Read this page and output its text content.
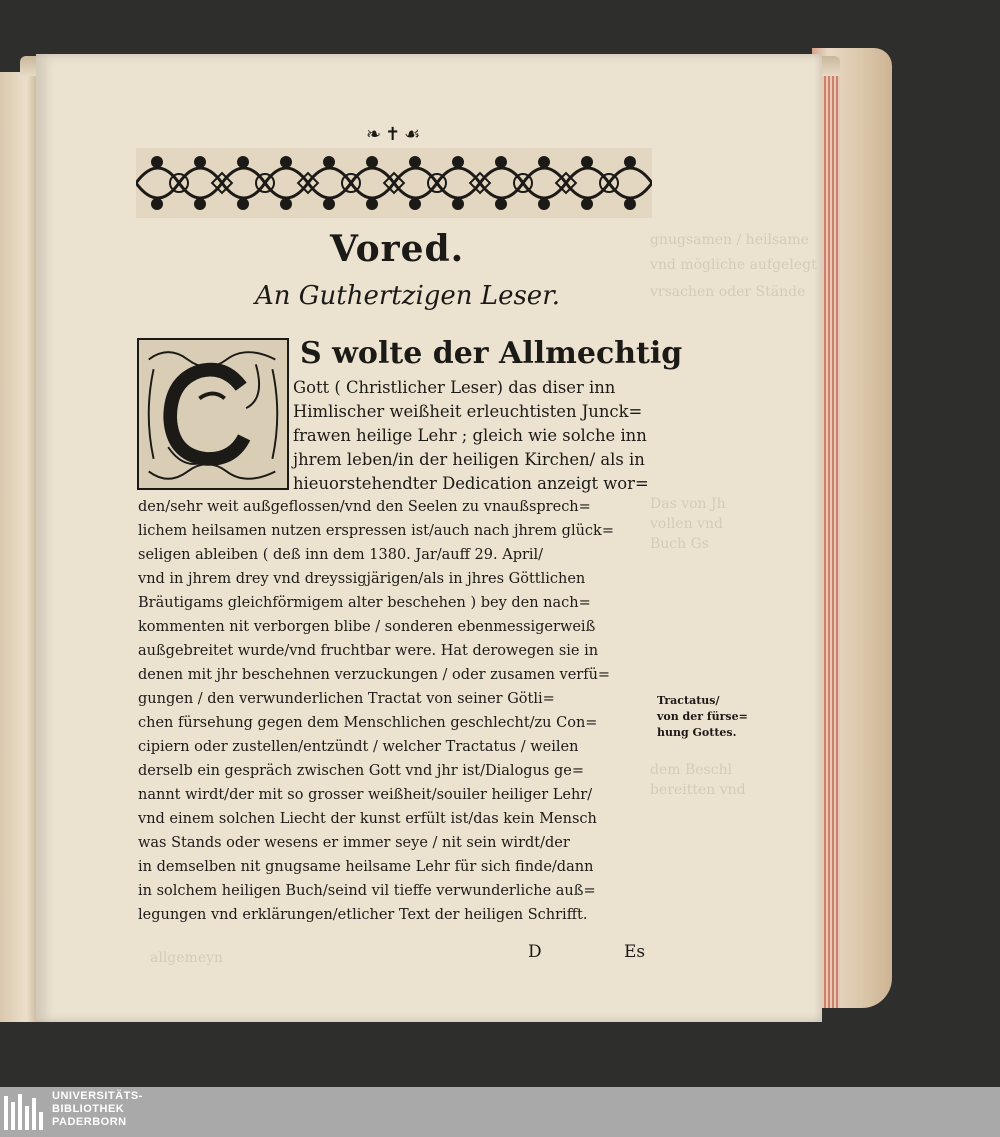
gnugsamen / heilsame
vnd mögliche aufgelegt
vrsachen oder Stände
Das von Jh
vollen vnd
Buch Gs
dem Beschl
bereitten vnd
allgemeyn
❧✝☙
Vored.
An Guthertzigen Leser.
S wolte der Allmechtig
Gott ( Christlicher Leser) das diser inn
Himlischer weißheit erleuchtisten Junck=
frawen heilige Lehr ; gleich wie solche inn
jhrem leben/in der heiligen Kirchen/ als in
hieuorstehendter Dedication anzeigt wor=
den/sehr weit außgeflossen/vnd den Seelen zu vnaußsprech=
lichem heilsamen nutzen erspressen ist/auch nach jhrem glück=
seligen ableiben ( deß inn dem 1380. Jar/auff 29. April/
vnd in jhrem drey vnd dreyssigjärigen/als in jhres Göttlichen
Bräutigams gleichförmigem alter beschehen ) bey den nach=
kommenten nit verborgen blibe / sonderen ebenmessigerweiß
außgebreitet wurde/vnd fruchtbar were. Hat derowegen sie in
denen mit jhr beschehnen verzuckungen / oder zusamen verfü=
gungen / den verwunderlichen Tractat von seiner Götli=
chen fürsehung gegen dem Menschlichen geschlecht/zu Con=
cipiern oder zustellen/entzündt / welcher Tractatus / weilen
derselb ein gespräch zwischen Gott vnd jhr ist/Dialogus ge=
nannt wirdt/der mit so grosser weißheit/souiler heiliger Lehr/
vnd einem solchen Liecht der kunst erfült ist/das kein Mensch
was Stands oder wesens er immer seye / nit sein wirdt/der
in demselben nit gnugsame heilsame Lehr für sich finde/dann
in solchem heiligen Buch/seind vil tieffe verwunderliche auß=
legungen vnd erklärungen/etlicher Text der heiligen Schrifft.
Tractatus/
von der fürse=
hung Gottes.
D	Es
UNIVERSITÄTS-
BIBLIOTHEK
PADERBORN
